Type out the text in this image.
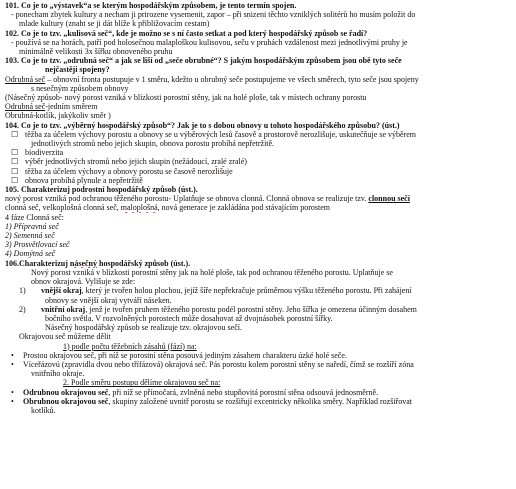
101. Co je to „výstavek“a se kterým hospodářským způsobem, je tento termín spojen.
- ponecham zbytek kultury a necham ji prirozene vysemenit, zapor – při snizeni těchto vzniklých solitérů ho musím položit do
mlade kultury (znaht se ji dát blíže k přibližovacím cestam)
102. Co je to tzv. „kulisová seč“, kde je možno se s ní často setkat a pod který hospodářský způsob se řadí?
- používá se na horách, patří pod holosečnou malaploškou kulisovou, seču v pruhách vzdálenost mezi jednotlivými pruhy je
minimálně velikosti 3x šířku obnoveného pruhu
103. Co je to tzv. „odrubná seč“ a jak se liší od „seče obrubné“? S jakým hospodářským způsobem jsou obě tyto seče
nejčastěji spojeny?
Odrubná seč – obnovní fronta postupuje v 1 směru, kdežto u obrubný seče postupujeme ve všech směrech, tyto seče jsou spojeny
s nesečným způsobem obnovy
(Násečný způsob- nový porost vzniká v blízkosti porostní stěny, jak na holé ploše, tak v místech ochrany porostu
Odrubná seč-jedním směrem
Obrubná-kotlík, jakýkoliv směr )
104. Co je to tzv. „výběrný hospodářský způsob“? Jak je to s dobou obnovy u tohoto hospodářského způsobu? (úst.)
☐ těžba za účelem výchovy porostu a obnovy se u výběrových lesů časově a prostorově nerozlišuje, uskutečňuje se výběrem
jednotlivých stromů nebo jejich skupin, obnova porostu probíhá nepřetržitě.
☐ biodiverzita
☐ výběr jednotlivých stromů nebo jejich skupin (nežádoucí, zralé zralé)
☐ těžba za účelem výchovy a obnovy porostu se časově nerozlišuje
☐ obnova probíhá plynule a nepřetržitě
105. Charakterizuj podrostní hospodářský způsob (úst.).
nový porost vzniká pod ochranou těženého porostu- Uplatňuje se obnova clonná. Clonná obnova se realizuje tzv. clonnou sečí
clonná seč, velkoplošná clonná seč, maloplošná, nová generace je zakládána pod stávajícím porostem
4 fáze Clonná seč:
1) Přípravná seč
2) Semenná seč
3) Prosvětlovací seč
4) Domýtná seč
106.Charakterizuj násečný hospodářský způsob (úst.).
Nový porost vzniká v blízkosti porostní stěny jak na holé ploše, tak pod ochranou těženého porostu. Uplatňuje se
obnov okrajová. Vylišuje se zde:
1) vnější okraj, který je tvořen holou plochou, jejíž šíře nepřekračuje průměrnou výšku těženého porostu. Při zahájení
obnovy se vnější okraj vytváří náseken.
2) vnitřní okraj, jenž je tvořen pruhem těženého porostu podél porostní stěny. Jeho šířka je omezena účinným dosahem
bočního světla. V rozvolněných porostech může dosahovat až dvojnásobek porostní šířky.
Násečný hospodářský způsob se realizuje tzv. okrajovou sečí.
Okrajovou seč můžeme dělit
1) podle počtu těžebních zásahů (fází) na:
• Prostou okrajovou seč, při níž se porostní stěna posouvá jediným zásahem charakteru úzké holé seče.
• Víceřázovú (zpravidla dvou nebo třífázová) okrajová seč. Pás porostu kolem porostní stěny se naředí, čímž se rozšíří zóna
vnitřního okraje.
2. Podle směru postupu dělíme okrajovou seč na:
• Odrubnou okrajovou seč, při níž se přímočará, zvlněná nebo stupňovitá porostní stěna odsouvá jednosměrně.
• Obrubnou okrajovou seč, skupiny založené uvnitř porostu se rozšiřují excentricky několika směry. Například rozšiřovat
kotlíků.
